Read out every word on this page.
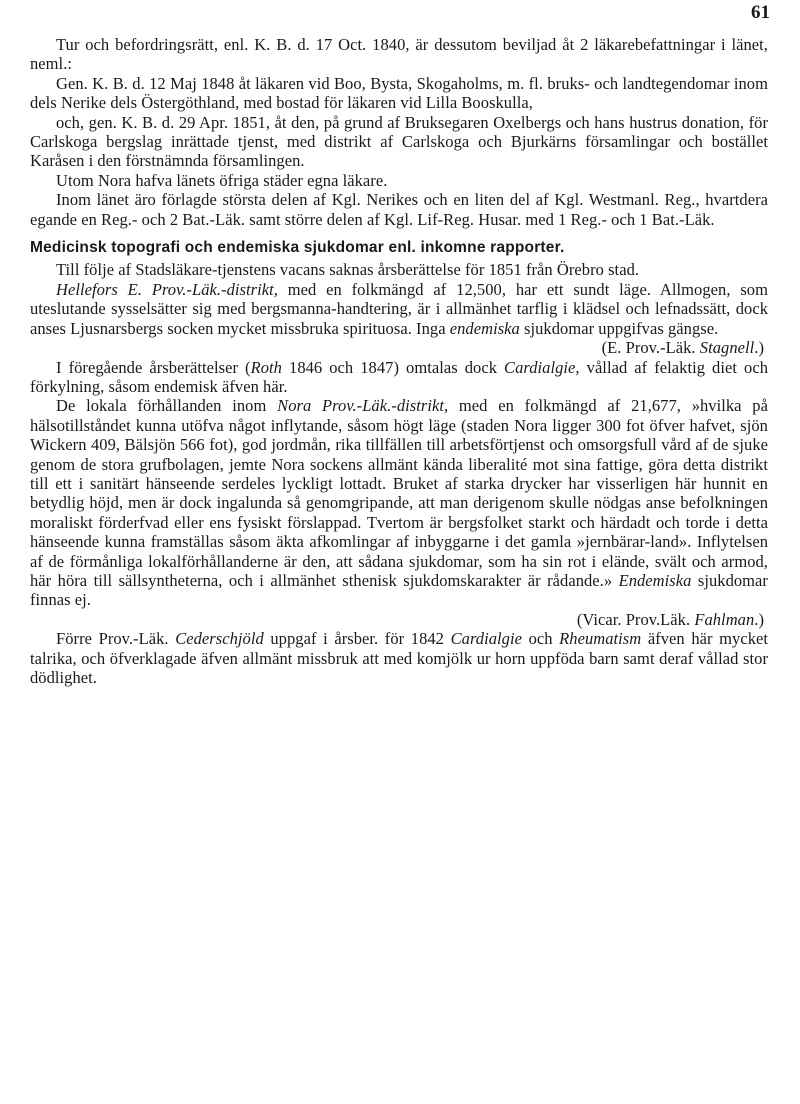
61

Tur och befordringsrätt, enl. K. B. d. 17 Oct. 1840, är dessutom beviljad åt 2 läkarebefattningar i länet, neml.:

Gen. K. B. d. 12 Maj 1848 åt läkaren vid Boo, Bysta, Skogaholms, m. fl. bruks- och landtegendomar inom dels Nerike dels Östergöthland, med bostad för läkaren vid Lilla Booskulla,

och, gen. K. B. d. 29 Apr. 1851, åt den, på grund af Bruksegaren Oxelbergs och hans hustrus donation, för Carlskoga bergslag inrättade tjenst, med distrikt af Carlskoga och Bjurkärns församlingar och bostället Karåsen i den förstnämnda församlingen.

Utom Nora hafva länets öfriga städer egna läkare.

Inom länet äro förlagde största delen af Kgl. Nerikes och en liten del af Kgl. Westmanl. Reg., hvartdera egande en Reg.- och 2 Bat.-Läk. samt större delen af Kgl. Lif-Reg. Husar. med 1 Reg.- och 1 Bat.-Läk.

Medicinsk topografi och endemiska sjukdomar enl. inkomne rapporter.

Till följe af Stadsläkare-tjenstens vacans saknas årsberättelse för 1851 från Örebro stad.

Hellefors E. Prov.-Läk.-distrikt, med en folkmängd af 12,500, har ett sundt läge. Allmogen, som uteslutande sysselsätter sig med bergsmanna-handtering, är i allmänhet tarflig i klädsel och lefnadssätt, dock anses Ljusnarsbergs socken mycket missbruka spirituosa. Inga endemiska sjukdomar uppgifvas gängse.

(E. Prov.-Läk. Stagnell.)

I föregående årsberättelser (Roth 1846 och 1847) omtalas dock Cardialgie, vållad af felaktig diet och förkylning, såsom endemisk äfven här.

De lokala förhållanden inom Nora Prov.-Läk.-distrikt, med en folkmängd af 21,677, »hvilka på hälsotillståndet kunna utöfva något inflytande, såsom högt läge (staden Nora ligger 300 fot öfver hafvet, sjön Wickern 409, Bälsjön 566 fot), god jordmån, rika tillfällen till arbetsförtjenst och omsorgsfull vård af de sjuke genom de stora grufbolagen, jemte Nora sockens allmänt kända liberalité mot sina fattige, göra detta distrikt till ett i sanitärt hänseende serdeles lyckligt lottadt. Bruket af starka drycker har visserligen här hunnit en betydlig höjd, men är dock ingalunda så genomgripande, att man derigenom skulle nödgas anse befolkningen moraliskt förderfvad eller ens fysiskt förslappad. Tvertom är bergsfolket starkt och härdadt och torde i detta hänseende kunna framställas såsom äkta afkomlingar af inbyggarne i det gamla »jernbärar-land». Inflytelsen af de förmånliga lokalförhållanderne är den, att sådana sjukdomar, som ha sin rot i elände, svält och armod, här höra till sällsyntheterna, och i allmänhet sthenisk sjukdomskarakter är rådande.» Endemiska sjukdomar finnas ej.

(Vicar. Prov.Läk. Fahlman.)

Förre Prov.-Läk. Cederschjöld uppgaf i årsber. för 1842 Cardialgie och Rheumatism äfven här mycket talrika, och öfverklagade äfven allmänt missbruk att med komjölk ur horn uppföda barn samt deraf vållad stor dödlighet.
